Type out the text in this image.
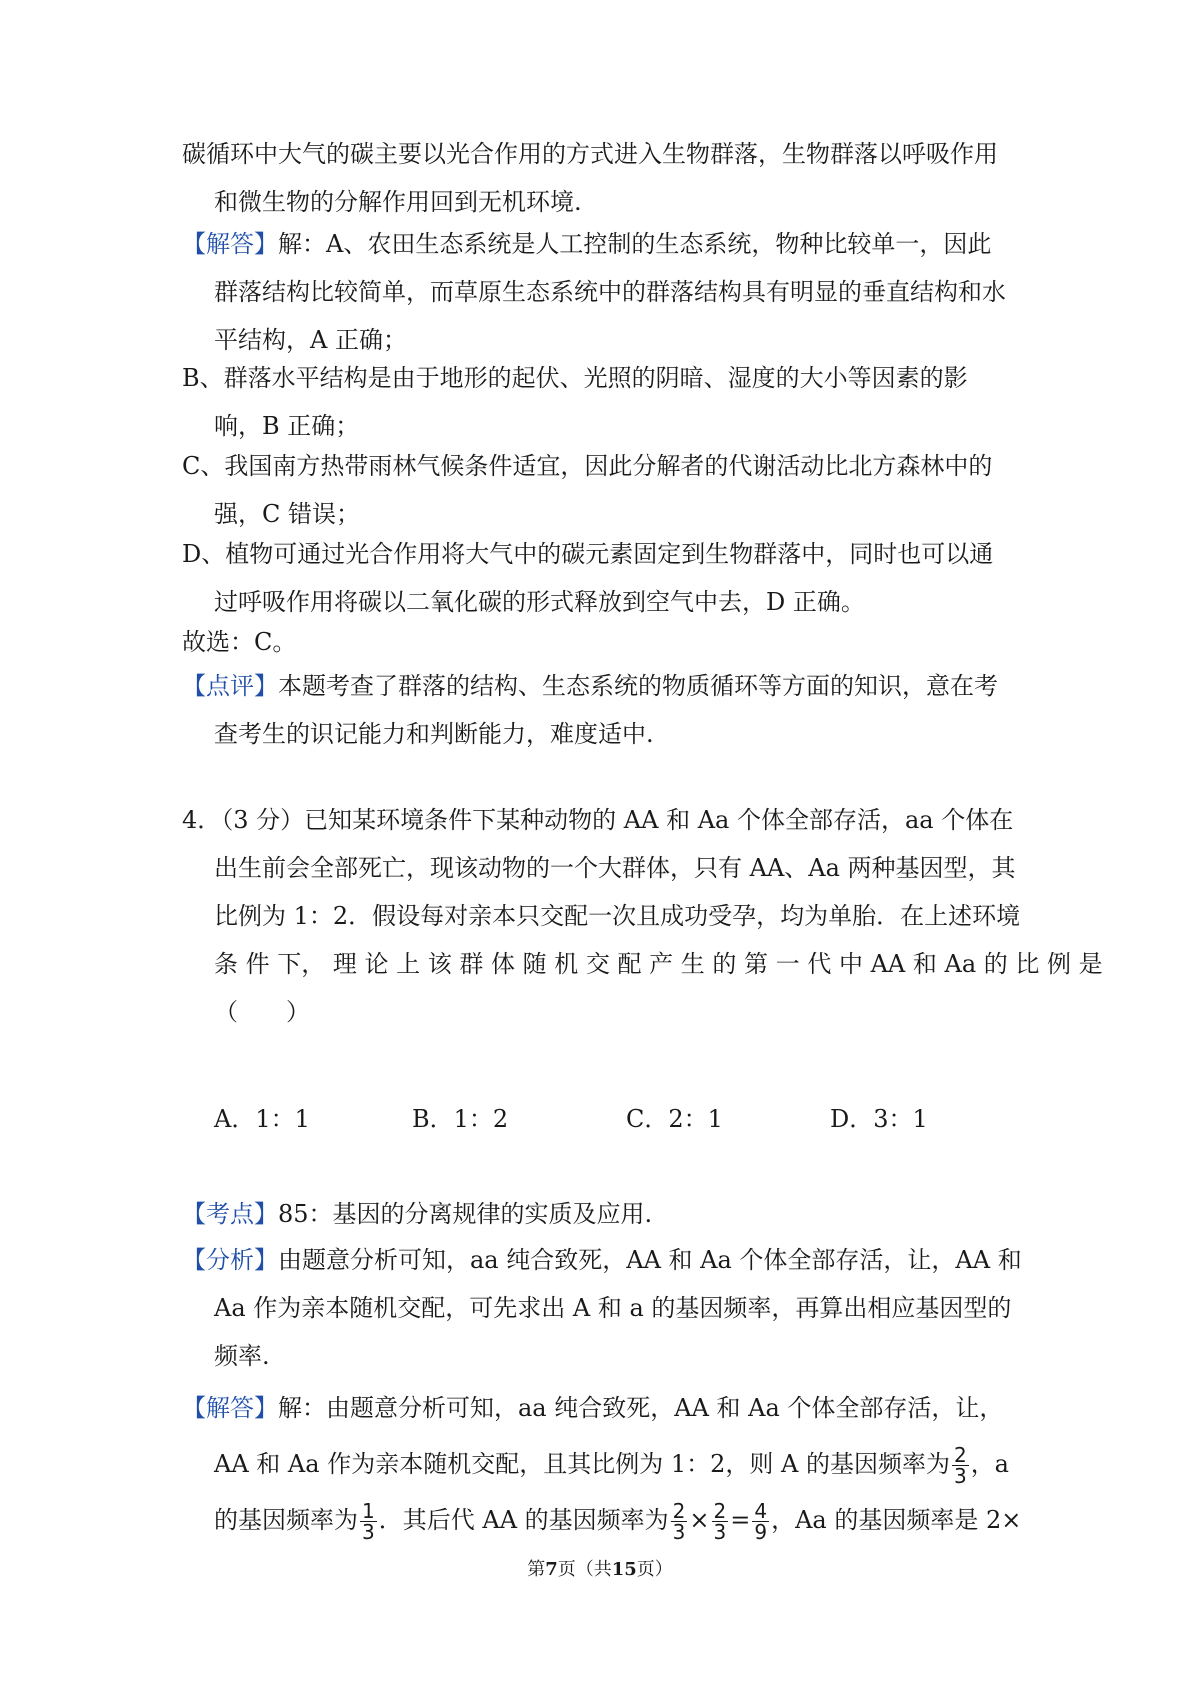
碳循环中大气的碳主要以光合作用的方式进入生物群落，生物群落以呼吸作用
和微生物的分解作用回到无机环境.

【解答】解：A、农田生态系统是人工控制的生态系统，物种比较单一，因此
群落结构比较简单，而草原生态系统中的群落结构具有明显的垂直结构和水
平结构，A 正确；

B、群落水平结构是由于地形的起伏、光照的阴暗、湿度的大小等因素的影
响，B 正确；

C、我国南方热带雨林气候条件适宜，因此分解者的代谢活动比北方森林中的
强，C 错误；

D、植物可通过光合作用将大气中的碳元素固定到生物群落中，同时也可以通
过呼吸作用将碳以二氧化碳的形式释放到空气中去，D 正确。

故选：C。

【点评】本题考查了群落的结构、生态系统的物质循环等方面的知识，意在考
查考生的识记能力和判断能力，难度适中.

4．（3 分）已知某环境条件下某种动物的 AA 和 Aa 个体全部存活，aa 个体在
出生前会全部死亡，现该动物的一个大群体，只有 AA、Aa 两种基因型，其
比例为 1：2．假设每对亲本只交配一次且成功受孕，均为单胎．在上述环境
条 件 下， 理 论 上 该 群 体 随 机 交 配 产 生 的 第 一 代 中 AA 和 Aa 的 比 例 是
（　　）

A．1：1	B．1：2	C．2：1	D．3：1

【考点】85：基因的分离规律的实质及应用.

【分析】由题意分析可知，aa 纯合致死，AA 和 Aa 个体全部存活，让，AA 和
Aa 作为亲本随机交配，可先求出 A 和 a 的基因频率，再算出相应基因型的
频率.

【解答】解：由题意分析可知，aa 纯合致死，AA 和 Aa 个体全部存活，让，
AA 和 Aa 作为亲本随机交配，且其比例为 1：2，则 A 的基因频率为 $\frac{2}{3}$ ，a
的基因频率为 $\frac{1}{3}$ ．其后代 AA 的基因频率为 $\frac{2}{3} \times \frac{2}{3} = \frac{4}{9}$ ，Aa 的基因频率是 2×

第7页（共15页）
